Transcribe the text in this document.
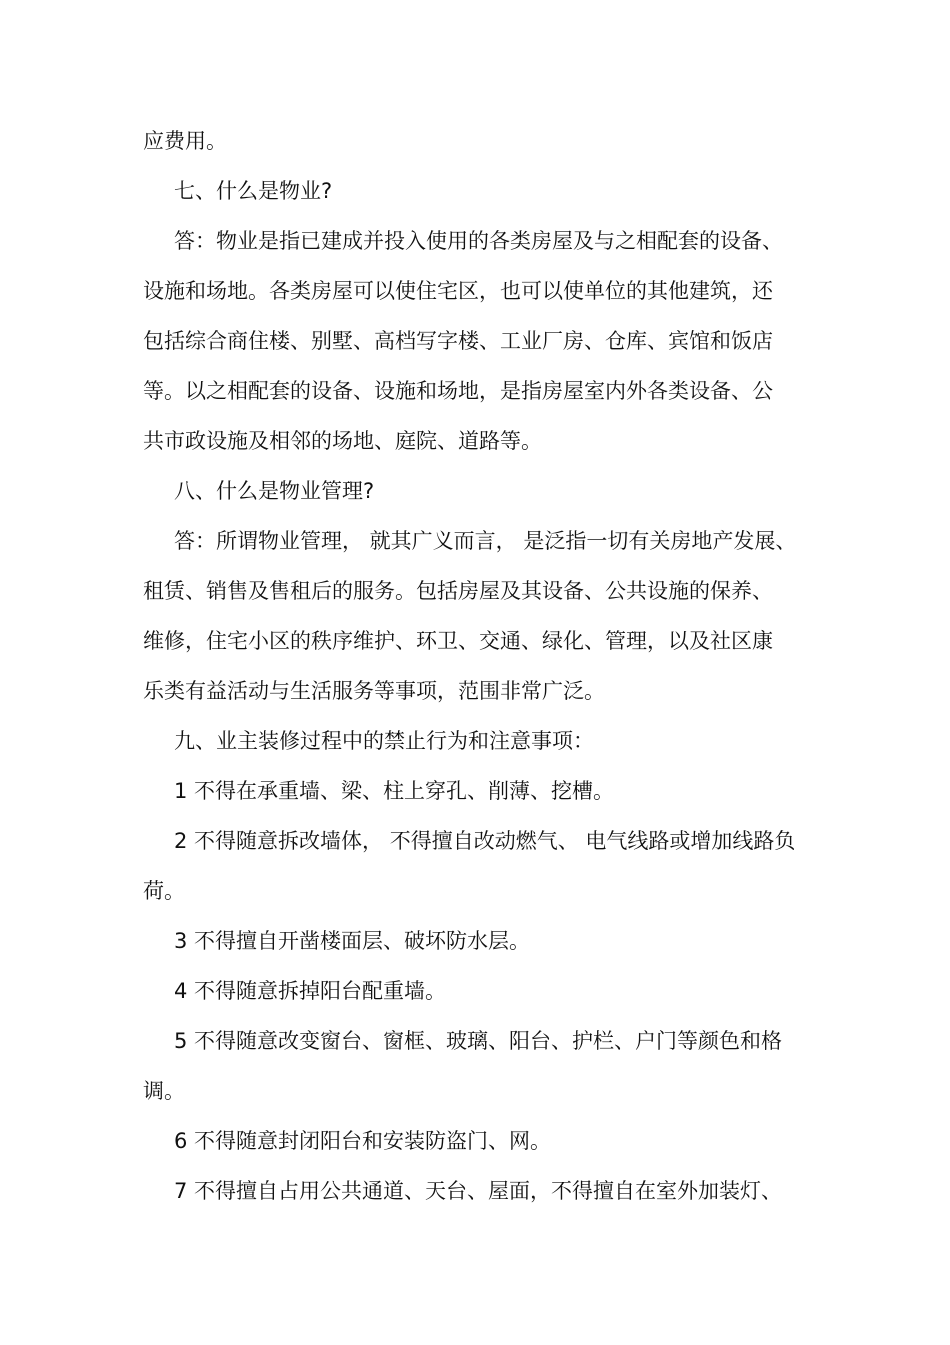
应费用。
七、什么是物业?
答：物业是指已建成并投入使用的各类房屋及与之相配套的设备、
设施和场地。各类房屋可以使住宅区，也可以使单位的其他建筑，还
包括综合商住楼、别墅、高档写字楼、工业厂房、仓库、宾馆和饭店
等。以之相配套的设备、设施和场地，是指房屋室内外各类设备、公
共市政设施及相邻的场地、庭院、道路等。
八、什么是物业管理?
答：所谓物业管理， 就其广义而言， 是泛指一切有关房地产发展、
租赁、销售及售租后的服务。包括房屋及其设备、公共设施的保养、
维修，住宅小区的秩序维护、环卫、交通、绿化、管理，以及社区康
乐类有益活动与生活服务等事项，范围非常广泛。
九、业主装修过程中的禁止行为和注意事项：
1 不得在承重墙、梁、柱上穿孔、削薄、挖槽。
2 不得随意拆改墙体， 不得擅自改动燃气、 电气线路或增加线路负
荷。
3 不得擅自开凿楼面层、破坏防水层。
4 不得随意拆掉阳台配重墙。
5 不得随意改变窗台、窗框、玻璃、阳台、护栏、户门等颜色和格
调。
6 不得随意封闭阳台和安装防盗门、网。
7 不得擅自占用公共通道、天台、屋面，不得擅自在室外加装灯、
